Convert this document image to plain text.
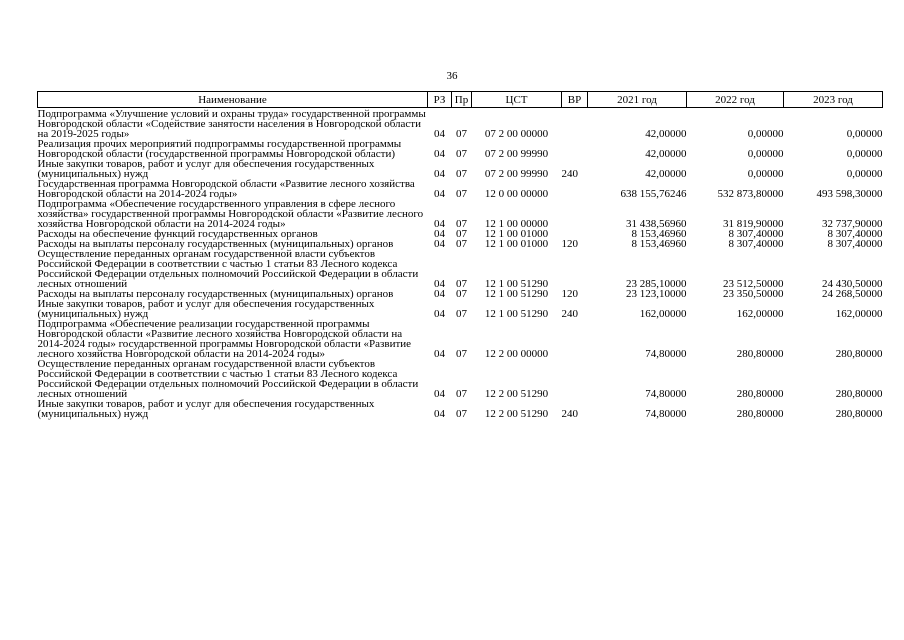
36
Наименование	РЗ	Пр	ЦСТ	ВР	2021 год	2022 год	2023 год

Подпрограмма «Улучшение условий и охраны труда» государственной программы Новгородской области «Содействие занятости населения в Новгородской области на 2019-2025 годы»	04	07	07 2 00 00000		42,00000	0,00000	0,00000
Реализация прочих мероприятий подпрограммы государственной программы Новгородской области (государственной программы Новгородской области)	04	07	07 2 00 99990		42,00000	0,00000	0,00000
Иные закупки товаров, работ и услуг для обеспечения государственных (муниципальных) нужд	04	07	07 2 00 99990	240	42,00000	0,00000	0,00000
Государственная программа Новгородской области «Развитие лесного хозяйства Новгородской области на 2014-2024 годы»	04	07	12 0 00 00000		638 155,76246	532 873,80000	493 598,30000
Подпрограмма «Обеспечение государственного управления в сфере лесного хозяйства» государственной программы Новгородской области «Развитие лесного хозяйства Новгородской области на 2014-2024 годы»	04	07	12 1 00 00000		31 438,56960	31 819,90000	32 737,90000
Расходы на обеспечение функций государственных органов	04	07	12 1 00 01000		8 153,46960	8 307,40000	8 307,40000
Расходы на выплаты персоналу государственных (муниципальных) органов	04	07	12 1 00 01000	120	8 153,46960	8 307,40000	8 307,40000
Осуществление переданных органам государственной власти субъектов Российской Федерации в соответствии с частью 1 статьи 83 Лесного кодекса Российской Федерации отдельных полномочий Российской Федерации в области лесных отношений	04	07	12 1 00 51290		23 285,10000	23 512,50000	24 430,50000
Расходы на выплаты персоналу государственных (муниципальных) органов	04	07	12 1 00 51290	120	23 123,10000	23 350,50000	24 268,50000
Иные закупки товаров, работ и услуг для обеспечения государственных (муниципальных) нужд	04	07	12 1 00 51290	240	162,00000	162,00000	162,00000
Подпрограмма «Обеспечение реализации государственной программы Новгородской области «Развитие лесного хозяйства Новгородской области на 2014-2024 годы» государственной программы Новгородской области «Развитие лесного хозяйства Новгородской области на 2014-2024 годы»	04	07	12 2 00 00000		74,80000	280,80000	280,80000
Осуществление переданных органам государственной власти субъектов Российской Федерации в соответствии с частью 1 статьи 83 Лесного кодекса Российской Федерации отдельных полномочий Российской Федерации в области лесных отношений	04	07	12 2 00 51290		74,80000	280,80000	280,80000
Иные закупки товаров, работ и услуг для обеспечения государственных (муниципальных) нужд	04	07	12 2 00 51290	240	74,80000	280,80000	280,80000
